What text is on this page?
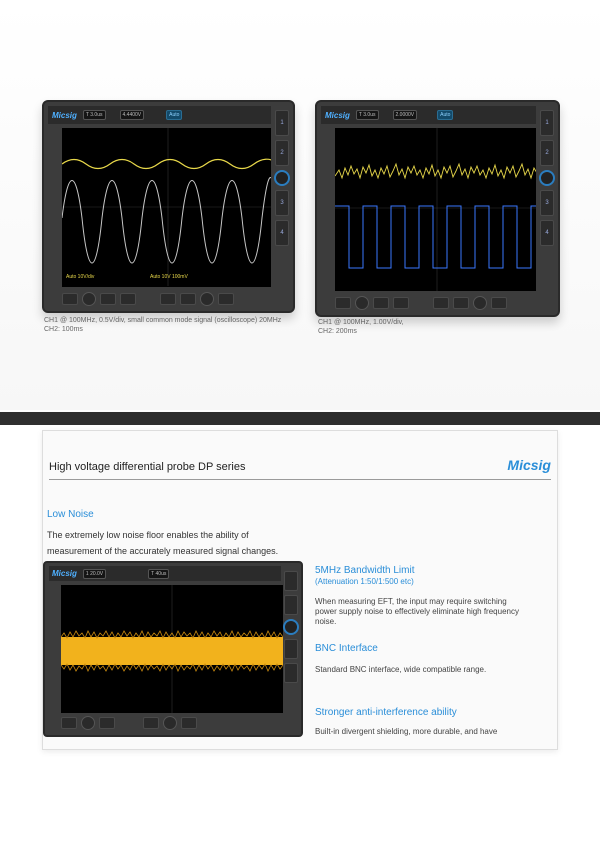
Micsig	T 3.0us	4.4400V	Auto
Auto 10V/div	Auto 10V 100mV
1
2
3
4
CH1 @ 100MHz, 0.5V/div, small common mode signal (oscilloscope) 20MHz
CH2: 100ms
Micsig	T 3.0us	2.0000V	Auto
1
2
3
4
CH1 @ 100MHz, 1.00V/div,
CH2: 200ms
High voltage differential probe DP series	Micsig
Low Noise
The extremely low noise floor enables the ability of
measurement of the accurately measured signal changes.
Micsig	1 20.0V	T 40us	5MHz Bandwidth Limit
(Attenuation 1:50/1:500 etc)
When measuring EFT, the input may require switching
power supply noise to effectively eliminate high frequency
noise.
BNC Interface
Standard BNC interface, wide compatible range.
Stronger anti-interference ability
Built-in divergent shielding, more durable, and have
